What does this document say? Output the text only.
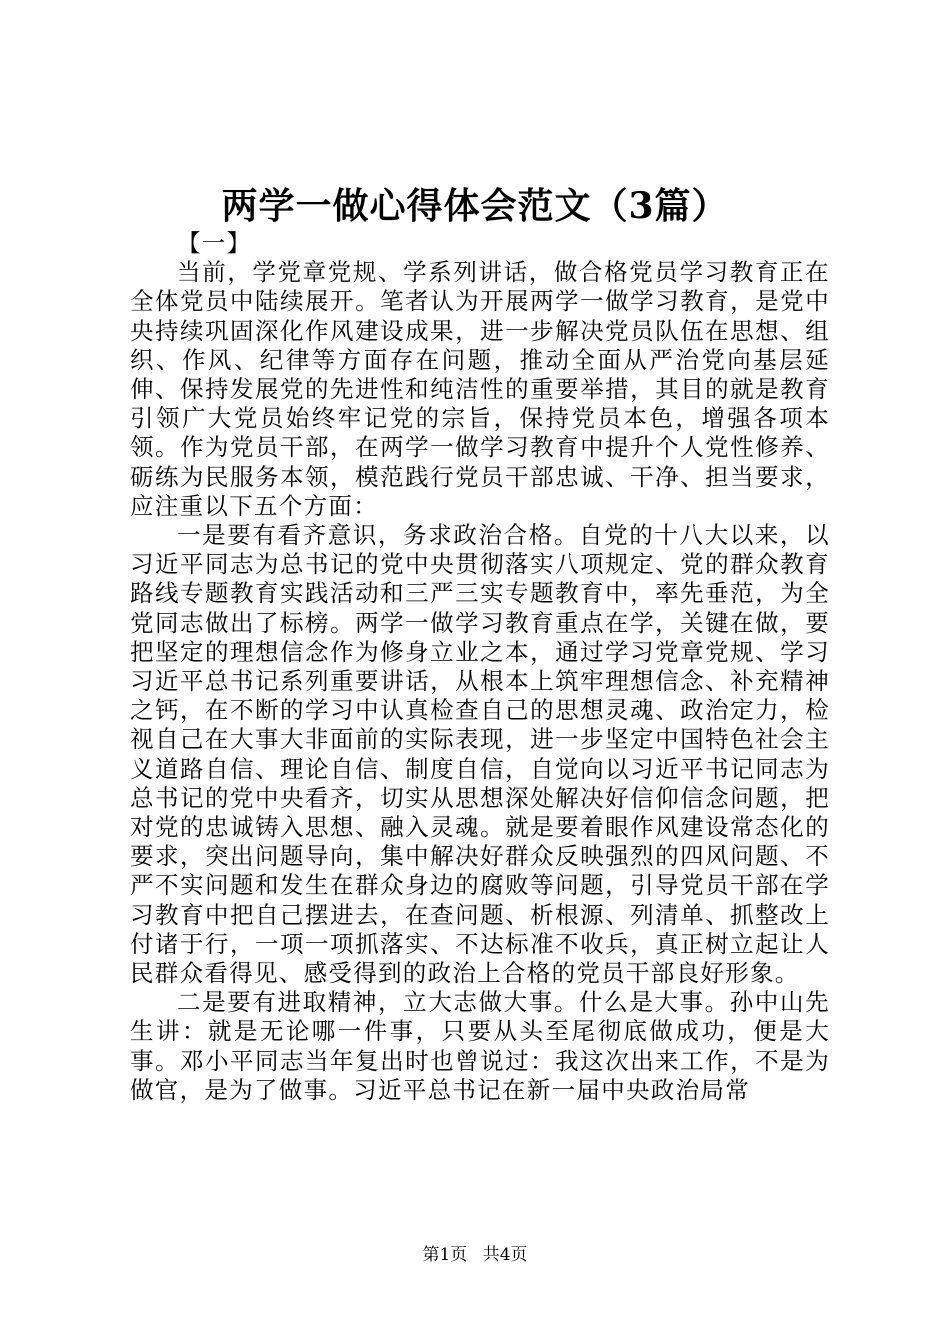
两学一做心得体会范文（3篇）
【一】

当前，学党章党规、学系列讲话，做合格党员学习教育正在全体党员中陆续展开。笔者认为开展两学一做学习教育，是党中央持续巩固深化作风建设成果，进一步解决党员队伍在思想、组织、作风、纪律等方面存在问题，推动全面从严治党向基层延伸、保持发展党的先进性和纯洁性的重要举措，其目的就是教育引领广大党员始终牢记党的宗旨，保持党员本色，增强各项本领。作为党员干部，在两学一做学习教育中提升个人党性修养、砺练为民服务本领，模范践行党员干部忠诚、干净、担当要求，应注重以下五个方面：

一是要有看齐意识，务求政治合格。自党的十八大以来，以习近平同志为总书记的党中央贯彻落实八项规定、党的群众教育路线专题教育实践活动和三严三实专题教育中，率先垂范，为全党同志做出了标榜。两学一做学习教育重点在学，关键在做，要把坚定的理想信念作为修身立业之本，通过学习党章党规、学习习近平总书记系列重要讲话，从根本上筑牢理想信念、补充精神之钙，在不断的学习中认真检查自己的思想灵魂、政治定力，检视自己在大事大非面前的实际表现，进一步坚定中国特色社会主义道路自信、理论自信、制度自信，自觉向以习近平书记同志为总书记的党中央看齐，切实从思想深处解决好信仰信念问题，把对党的忠诚铸入思想、融入灵魂。就是要着眼作风建设常态化的要求，突出问题导向，集中解决好群众反映强烈的四风问题、不严不实问题和发生在群众身边的腐败等问题，引导党员干部在学习教育中把自己摆进去，在查问题、析根源、列清单、抓整改上付诸于行，一项一项抓落实、不达标准不收兵，真正树立起让人民群众看得见、感受得到的政治上合格的党员干部良好形象。

二是要有进取精神，立大志做大事。什么是大事。孙中山先生讲：就是无论哪一件事，只要从头至尾彻底做成功，便是大事。邓小平同志当年复出时也曾说过：我这次出来工作，不是为做官，是为了做事。习近平总书记在新一届中央政治局常

第1页 共4页
